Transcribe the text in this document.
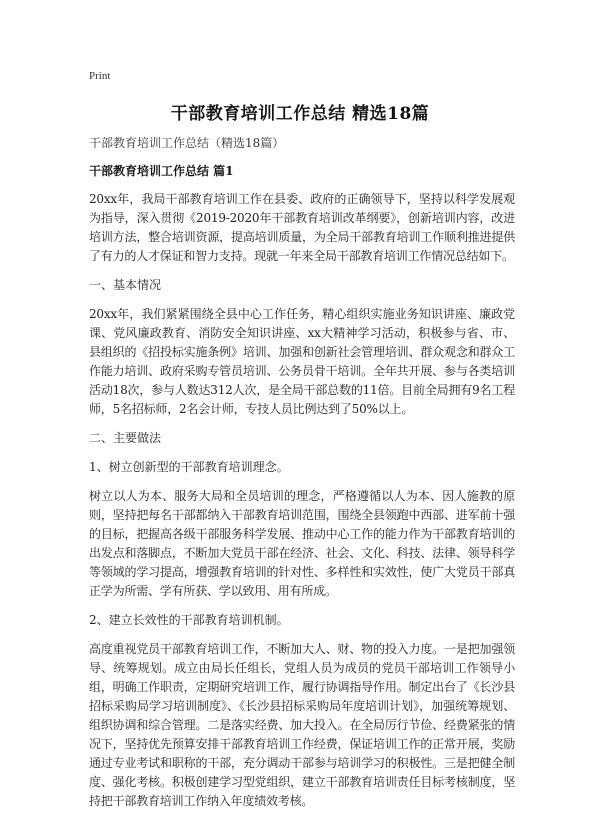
Print
干部教育培训工作总结 精选18篇

干部教育培训工作总结（精选18篇）

干部教育培训工作总结 篇1

20xx年，我局干部教育培训工作在县委、政府的正确领导下，坚持以科学发展观为指导，深入贯彻《2019-2020年干部教育培训改革纲要》，创新培训内容，改进培训方法，整合培训资源，提高培训质量，为全局干部教育培训工作顺利推进提供了有力的人才保证和智力支持。现就一年来全局干部教育培训工作情况总结如下。

一、基本情况

20xx年，我们紧紧围绕全县中心工作任务，精心组织实施业务知识讲座、廉政党课、党风廉政教育、消防安全知识讲座、xx大精神学习活动，积极参与省、市、县组织的《招投标实施条例》培训、加强和创新社会管理培训、群众观念和群众工作能力培训、政府采购专管员培训、公务员骨干培训。全年共开展、参与各类培训活动18次，参与人数达312人次，是全局干部总数的11倍。目前全局拥有9名工程师，5名招标师，2名会计师，专技人员比例达到了50%以上。

二、主要做法

1、树立创新型的干部教育培训理念。

树立以人为本、服务大局和全员培训的理念，严格遵循以人为本、因人施教的原则，坚持把每名干部都纳入干部教育培训范围，围绕全县领跑中西部、进军前十强的目标，把握高各级干部服务科学发展、推动中心工作的能力作为干部教育培训的出发点和落脚点，不断加大党员干部在经济、社会、文化、科技、法律、领导科学等领域的学习提高，增强教育培训的针对性、多样性和实效性，使广大党员干部真正学为所需、学有所获、学以致用、用有所成。

2、建立长效性的干部教育培训机制。

高度重视党员干部教育培训工作，不断加大人、财、物的投入力度。一是把加强领导、统筹规划。成立由局长任组长，党组人员为成员的党员干部培训工作领导小组，明确工作职责，定期研究培训工作，履行协调指导作用。制定出台了《长沙县招标采购局学习培训制度》、《长沙县招标采购局年度培训计划》，加强统筹规划、组织协调和综合管理。二是落实经费、加大投入。在全局厉行节俭、经费紧张的情况下，坚持优先预算安排干部教育培训工作经费，保证培训工作的正常开展，奖励通过专业考试和职称的干部，充分调动干部参与培训学习的积极性。三是把健全制度、强化考核。积极创建学习型党组织，建立干部教育培训责任目标考核制度，坚持把干部教育培训工作纳入年度绩效考核。
